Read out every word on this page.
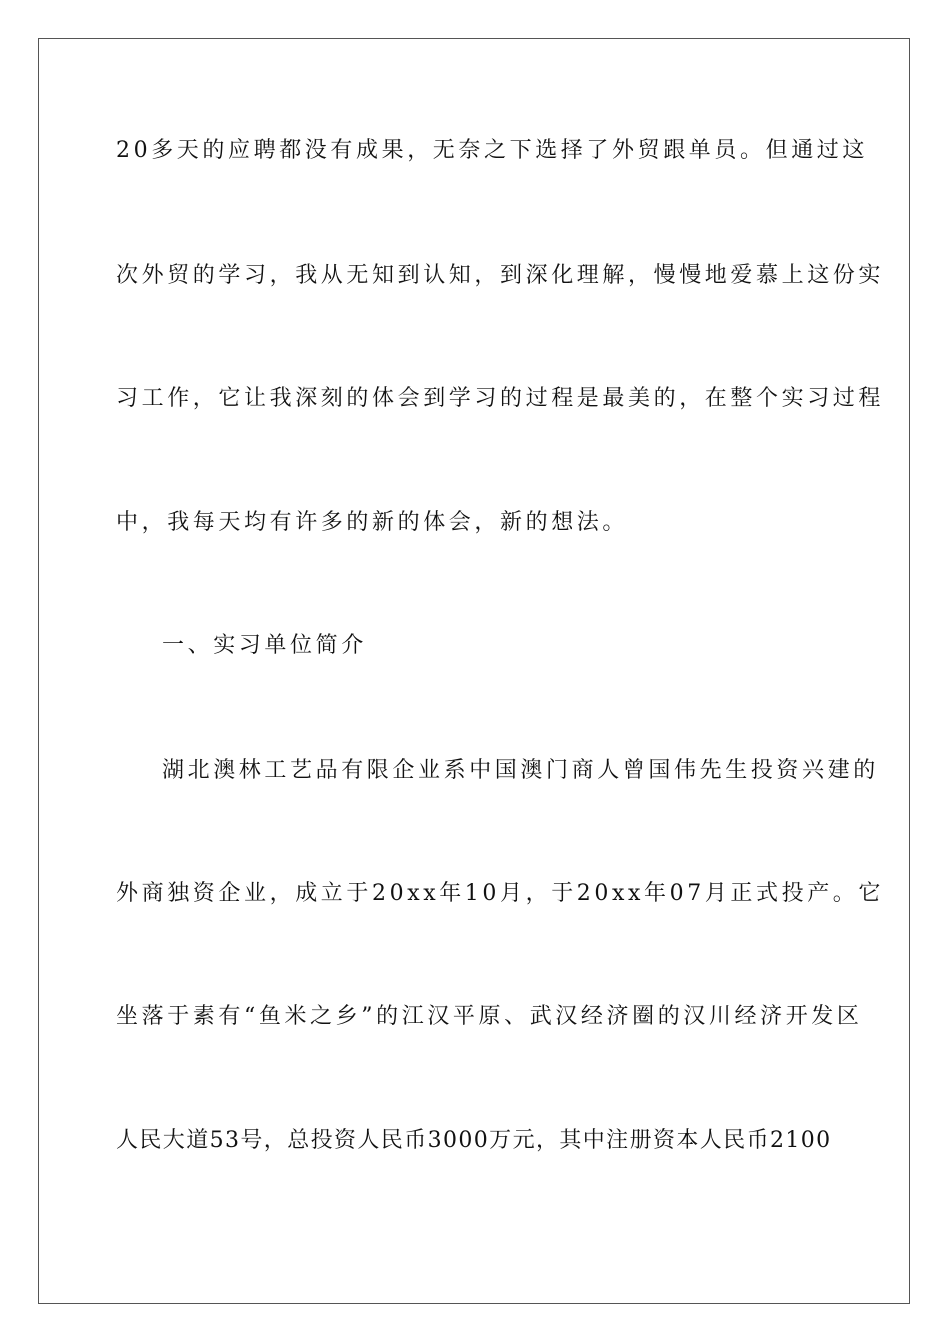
20多天的应聘都没有成果，无奈之下选择了外贸跟单员。但通过这
次外贸的学习，我从无知到认知，到深化理解，慢慢地爱慕上这份实
习工作，它让我深刻的体会到学习的过程是最美的，在整个实习过程
中，我每天均有许多的新的体会，新的想法。
一、实习单位简介
湖北澳林工艺品有限企业系中国澳门商人曾国伟先生投资兴建的
外商独资企业，成立于20xx年10月，于20xx年07月正式投产。它
坐落于素有“鱼米之乡”的江汉平原、武汉经济圈的汉川经济开发区
人民大道53号，总投资人民币3000万元，其中注册资本人民币2100
